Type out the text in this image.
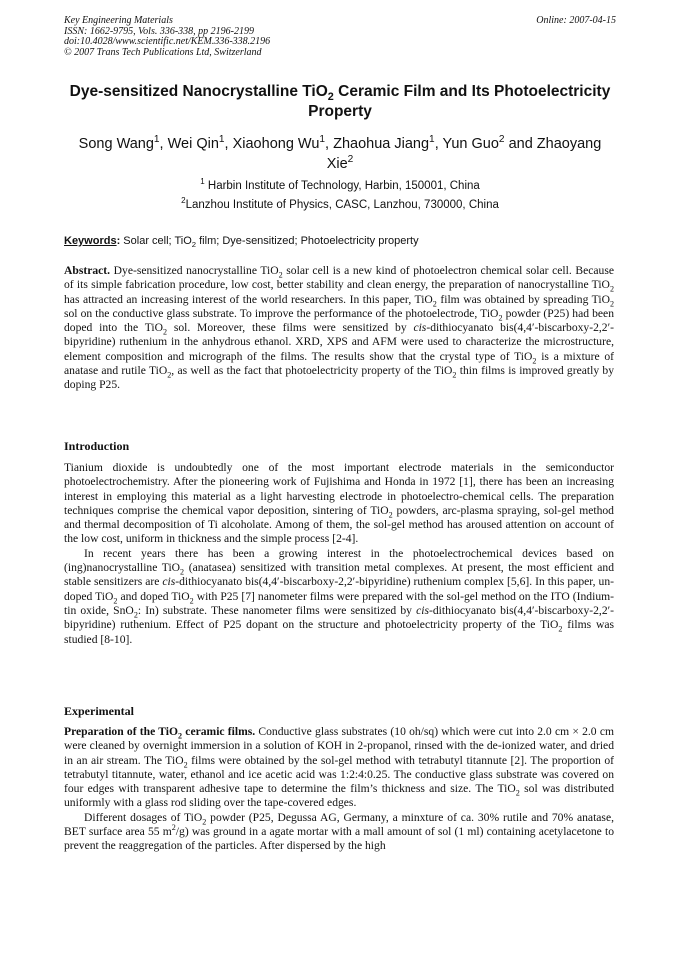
Key Engineering Materials
ISSN: 1662-9795, Vols. 336-338, pp 2196-2199
doi:10.4028/www.scientific.net/KEM.336-338.2196
© 2007 Trans Tech Publications Ltd, Switzerland
Online: 2007-04-15
Dye-sensitized Nanocrystalline TiO$_2$ Ceramic Film and Its Photoelectricity Property
Song Wang$^1$, Wei Qin$^1$, Xiaohong Wu$^1$, Zhaohua Jiang$^1$, Yun Guo$^2$ and Zhaoyang Xie$^2$
$^1$ Harbin Institute of Technology, Harbin, 150001, China
$^2$Lanzhou Institute of Physics, CASC, Lanzhou, 730000, China
Keywords: Solar cell; TiO$_2$ film; Dye-sensitized; Photoelectricity property

Abstract. Dye-sensitized nanocrystalline TiO$_2$ solar cell is a new kind of photoelectron chemical solar cell. Because of its simple fabrication procedure, low cost, better stability and clean energy, the preparation of nanocrystalline TiO$_2$ has attracted an increasing interest of the world researchers. In this paper, TiO$_2$ film was obtained by spreading TiO$_2$ sol on the conductive glass substrate. To improve the performance of the photoelectrode, TiO$_2$ powder (P25) had been doped into the TiO$_2$ sol. Moreover, these films were sensitized by cis-dithiocyanato bis(4,4′-biscarboxy-2,2′-bipyridine) ruthenium in the anhydrous ethanol. XRD, XPS and AFM were used to characterize the microstructure, element composition and micrograph of the films. The results show that the crystal type of TiO$_2$ is a mixture of anatase and rutile TiO$_2$, as well as the fact that photoelectricity property of the TiO$_2$ thin films is improved greatly by doping P25.

Introduction

Tianium dioxide is undoubtedly one of the most important electrode materials in the semiconductor photoelectrochemistry. After the pioneering work of Fujishima and Honda in 1972 [1], there has been an increasing interest in employing this material as a light harvesting electrode in photoelectro-chemical cells. The preparation techniques comprise the chemical vapor deposition, sintering of TiO$_2$ powders, arc-plasma spraying, sol-gel method and thermal decomposition of Ti alcoholate. Among of them, the sol-gel method has aroused attention on account of the low cost, uniform in thickness and the simple process [2-4].

In recent years there has been a growing interest in the photoelectrochemical devices based on (ing)nanocrystalline TiO$_2$ (anatasea) sensitized with transition metal complexes. At present, the most efficient and stable sensitizers are cis-dithiocyanato bis(4,4′-biscarboxy-2,2′-bipyridine) ruthenium complex [5,6]. In this paper, un-doped TiO$_2$ and doped TiO$_2$ with P25 [7] nanometer films were prepared with the sol-gel method on the ITO (Indium-tin oxide, SnO$_2$: In) substrate. These nanometer films were sensitized by cis-dithiocyanato bis(4,4′-biscarboxy-2,2′-bipyridine) ruthenium. Effect of P25 dopant on the structure and photoelectricity property of the TiO$_2$ films was studied [8-10].

Experimental

Preparation of the TiO$_2$ ceramic films. Conductive glass substrates (10 oh/sq) which were cut into 2.0 cm × 2.0 cm were cleaned by overnight immersion in a solution of KOH in 2-propanol, rinsed with the de-ionized water, and dried in an air stream. The TiO$_2$ films were obtained by the sol-gel method with tetrabutyl titannute [2]. The proportion of tetrabutyl titannute, water, ethanol and ice acetic acid was 1:2:4:0.25. The conductive glass substrate was covered on four edges with transparent adhesive tape to determine the film’s thickness and size. The TiO$_2$ sol was distributed uniformly with a glass rod sliding over the tape-covered edges.

Different dosages of TiO$_2$ powder (P25, Degussa AG, Germany, a minxture of ca. 30% rutile and 70% anatase, BET surface area 55 $m^2/g$) was ground in a agate mortar with a mall amount of sol (1 ml) containing acetylacetone to prevent the reaggregation of the particles. After dispersed by the high
